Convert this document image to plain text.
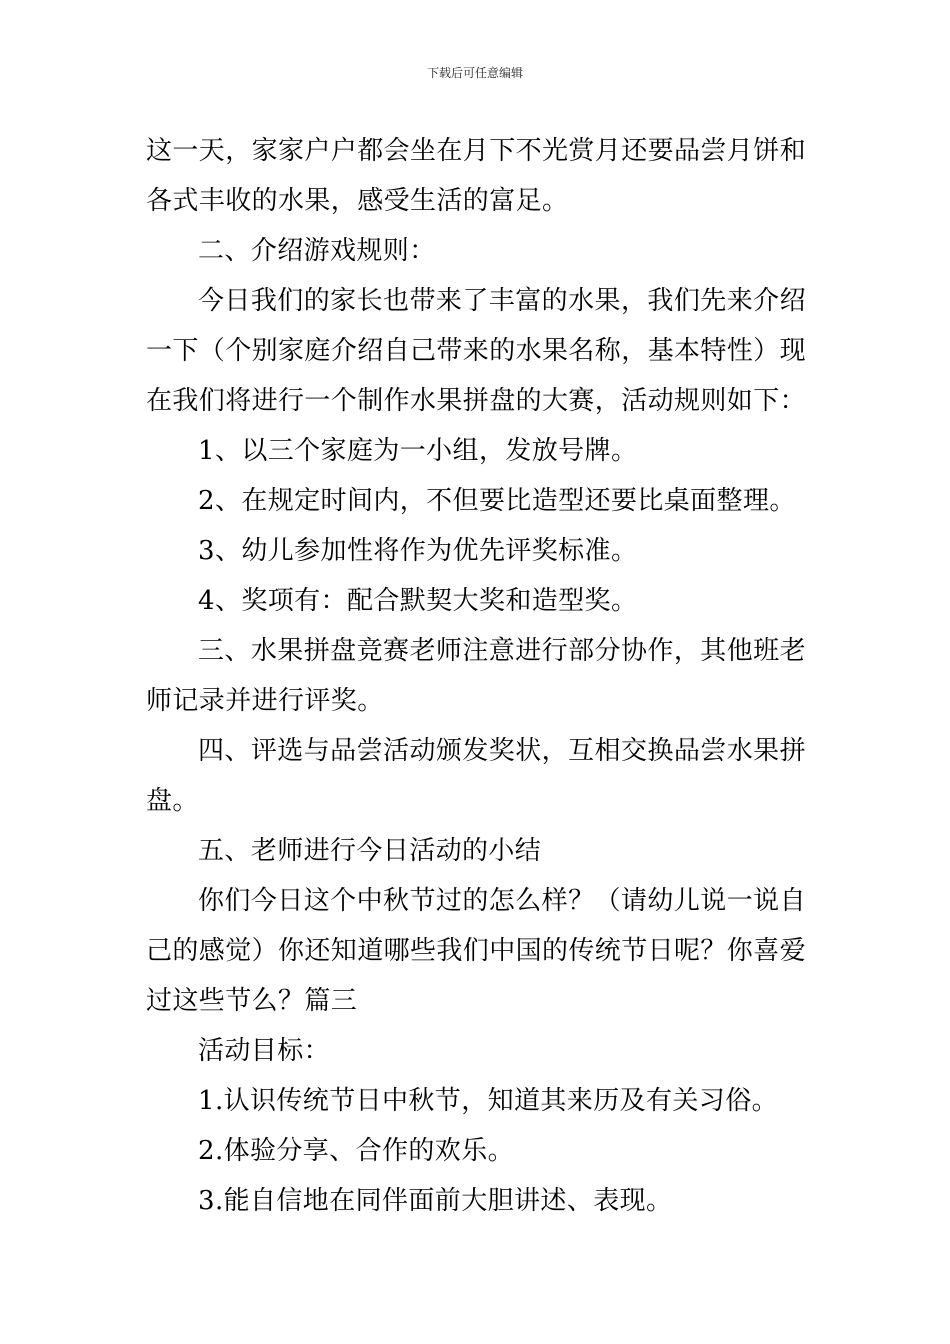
下载后可任意编辑

这一天，家家户户都会坐在月下不光赏月还要品尝月饼和各式丰收的水果，感受生活的富足。

二、介绍游戏规则：

今日我们的家长也带来了丰富的水果，我们先来介绍一下（个别家庭介绍自己带来的水果名称，基本特性）现在我们将进行一个制作水果拼盘的大赛，活动规则如下：

1、以三个家庭为一小组，发放号牌。

2、在规定时间内，不但要比造型还要比桌面整理。

3、幼儿参加性将作为优先评奖标准。

4、奖项有：配合默契大奖和造型奖。

三、水果拼盘竞赛老师注意进行部分协作，其他班老师记录并进行评奖。

四、评选与品尝活动颁发奖状，互相交换品尝水果拼盘。

五、老师进行今日活动的小结

你们今日这个中秋节过的怎么样？（请幼儿说一说自己的感觉）你还知道哪些我们中国的传统节日呢？你喜爱过这些节么？篇三

活动目标：

1.认识传统节日中秋节，知道其来历及有关习俗。

2.体验分享、合作的欢乐。

3.能自信地在同伴面前大胆讲述、表现。
